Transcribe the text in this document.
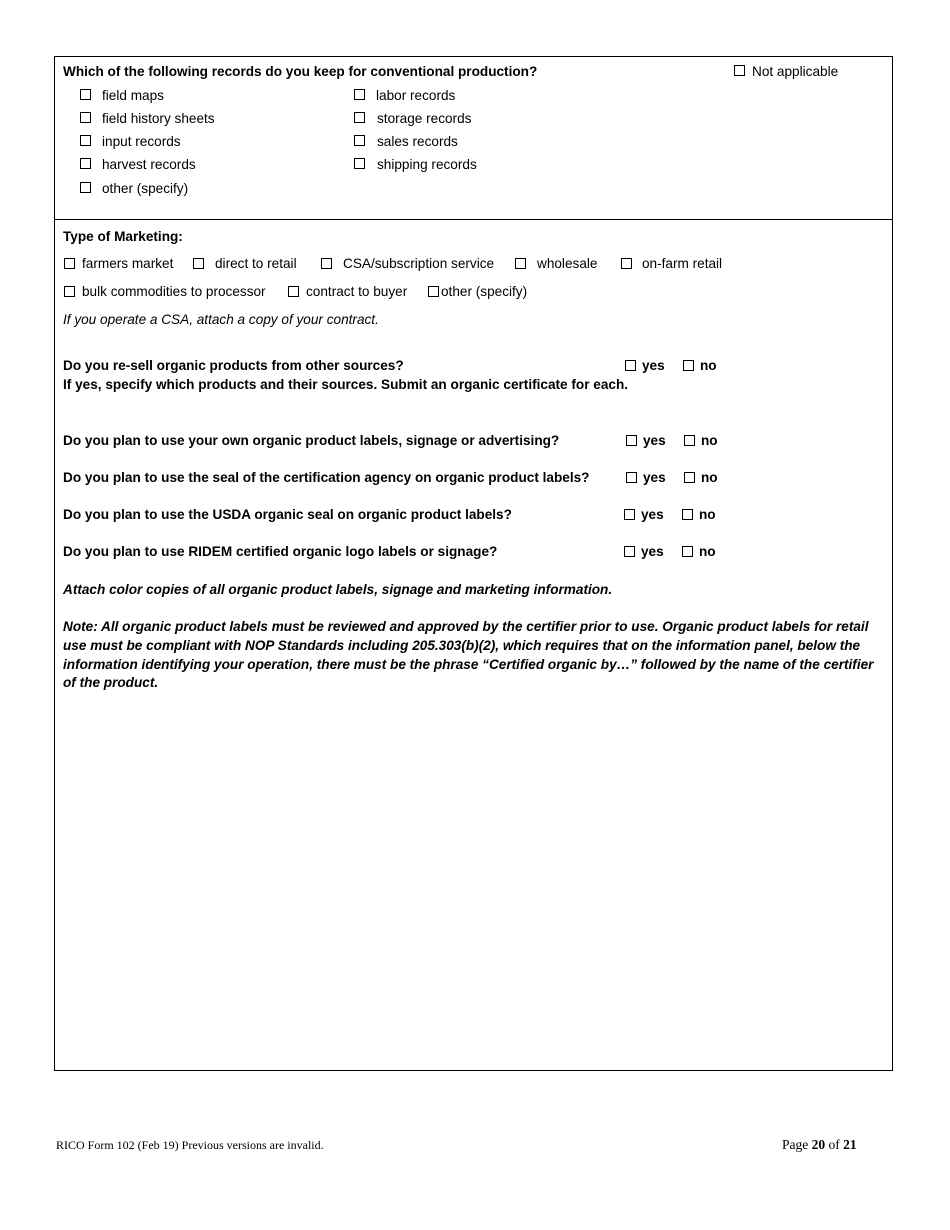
Which of the following records do you keep for conventional production?	Not applicable
field maps
field history sheets
input records
harvest records
other (specify)
labor records
storage records
sales records
shipping records
Type of Marketing:
farmers market	direct to retail	CSA/subscription service	wholesale	on-farm retail
bulk commodities to processor	contract to buyer other (specify)
If you operate a CSA, attach a copy of your contract.
Do you re-sell organic products from other sources?	yes	no
If yes, specify which products and their sources. Submit an organic certificate for each.
Do you plan to use your own organic product labels, signage or advertising?	yes	no
Do you plan to use the seal of the certification agency on organic product labels?	yes	no
Do you plan to use the USDA organic seal on organic product labels?	yes	no
Do you plan to use RIDEM certified organic logo labels or signage?	yes	no
Attach color copies of all organic product labels, signage and marketing information.
Note: All organic product labels must be reviewed and approved by the certifier prior to use. Organic product labels for retail use must be compliant with NOP Standards including 205.303(b)(2), which requires that on the information panel, below the information identifying your operation, there must be the phrase “Certified organic by…” followed by the name of the certifier of the product.
RICO Form 102 (Feb 19) Previous versions are invalid.	Page 20 of 21
